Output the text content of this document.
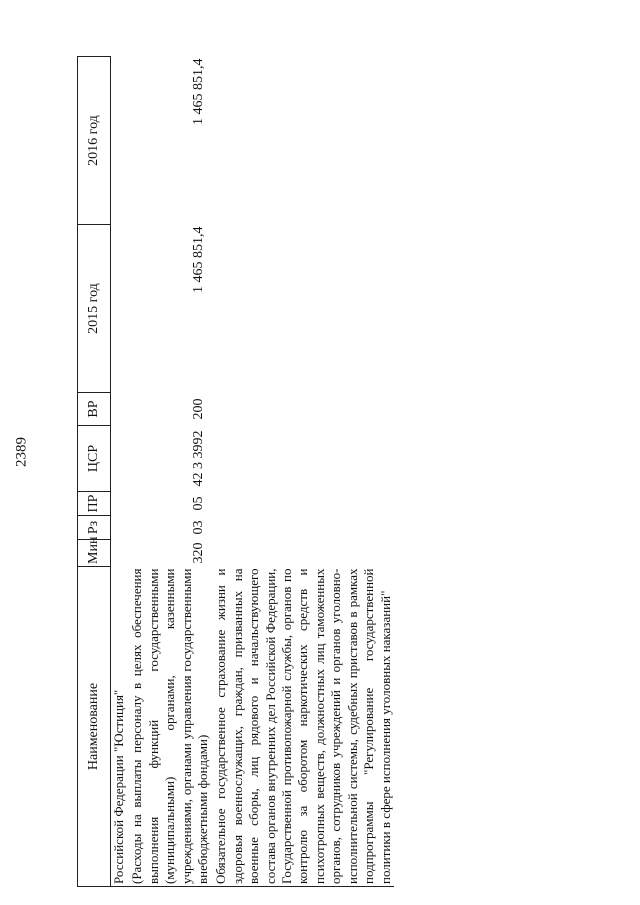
2389
Наименование	Мин	Рз	ПР	ЦСР	ВР	2015 год	2016 год

Российской Федерации "Юстиция" (Расходы на выплаты персоналу в целях обеспечения выполнения функций государственными (муниципальными) органами, казенными учреждениями, органами управления государственными внебюджетными фондами)	320	03	05	42 3 3992	200	1 465 851,4	1 465 851,4
Обязательное государственное страхование жизни и здоровья военнослужащих, граждан, призванных на военные сборы, лиц рядового и начальствующего состава органов внутренних дел Российской Федерации, Государственной противопожарной службы, органов по контролю за оборотом наркотических средств и психотропных веществ, должностных лиц таможенных органов, сотрудников учреждений и органов уголовно-исполнительной системы, судебных приставов в рамках подпрограммы "Регулирование государственной политики в сфере исполнения уголовных наказаний"							
